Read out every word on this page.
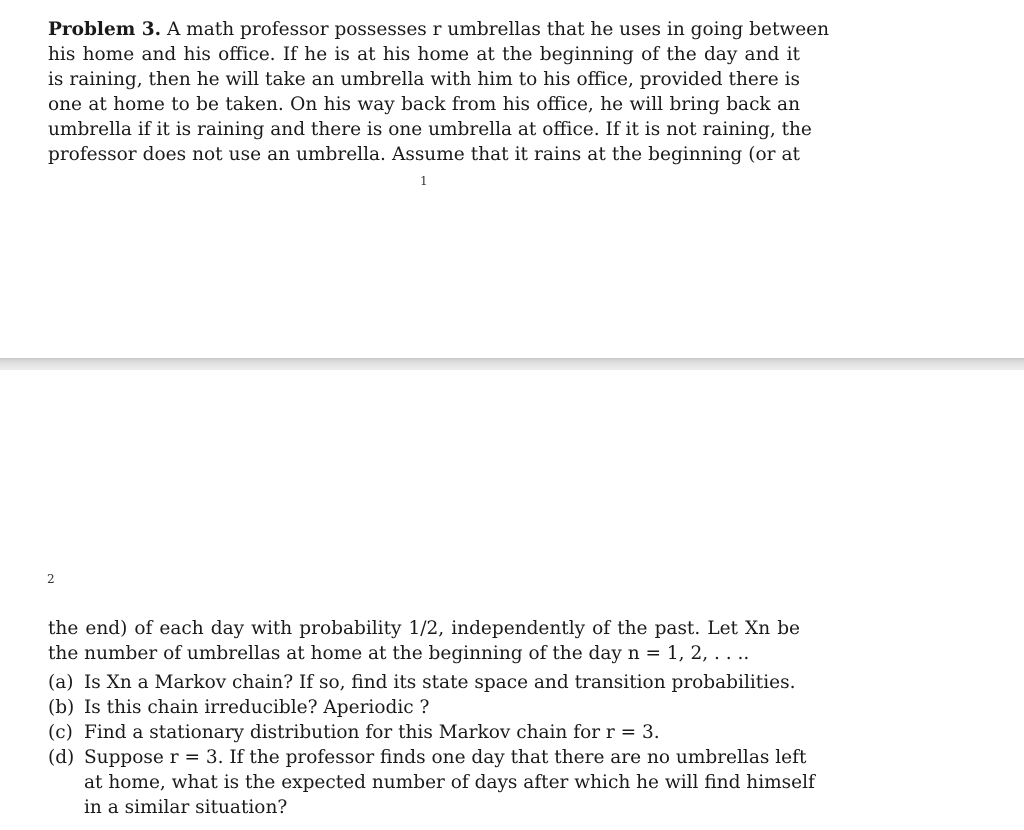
Problem 3. A math professor possesses r umbrellas that he uses in going between
his home and his office. If he is at his home at the beginning of the day and it
is raining, then he will take an umbrella with him to his office, provided there is
one at home to be taken. On his way back from his office, he will bring back an
umbrella if it is raining and there is one umbrella at office. If it is not raining, the
professor does not use an umbrella. Assume that it rains at the beginning (or at
1
2
the end) of each day with probability 1/2, independently of the past. Let Xn be
the number of umbrellas at home at the beginning of the day n = 1, 2, . . ..
(a) Is Xn a Markov chain? If so, find its state space and transition probabilities.
(b) Is this chain irreducible? Aperiodic ?
(c) Find a stationary distribution for this Markov chain for r = 3.
(d) Suppose r = 3. If the professor finds one day that there are no umbrellas left
at home, what is the expected number of days after which he will find himself
in a similar situation?
